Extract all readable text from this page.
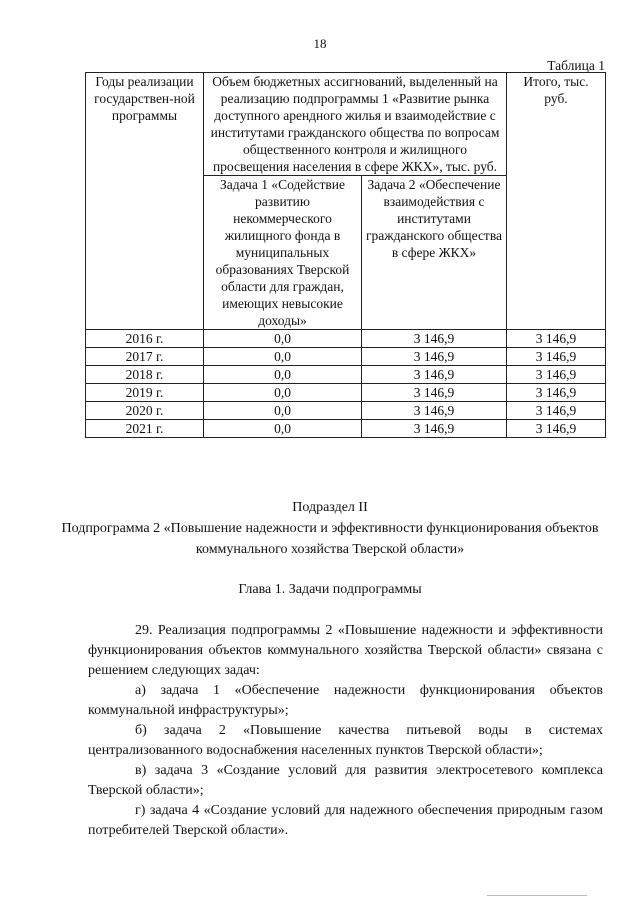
18
Таблица 1
Годы реализации государствен-ной программы	Объем бюджетных ассигнований, выделенный на реализацию подпрограммы 1 «Развитие рынка доступного арендного жилья и взаимодействие с институтами гражданского общества по вопросам общественного контроля и жилищного просвещения населения в сфере ЖКХ», тыс. руб.		Итого, тыс. руб.
	Задача 1 «Содействие развитию некоммерческого жилищного фонда в муниципальных образованиях Тверской области для граждан, имеющих невысокие доходы»	Задача 2 «Обеспечение взаимодействия с институтами гражданского общества в сфере ЖКХ»	
2016 г.	0,0	3 146,9	3 146,9
2017 г.	0,0	3 146,9	3 146,9
2018 г.	0,0	3 146,9	3 146,9
2019 г.	0,0	3 146,9	3 146,9
2020 г.	0,0	3 146,9	3 146,9
2021 г.	0,0	3 146,9	3 146,9
Подраздел II
Подпрограмма 2 «Повышение надежности и эффективности функционирования объектов коммунального хозяйства Тверской области»
Глава 1. Задачи подпрограммы

29. Реализация подпрограммы 2 «Повышение надежности и эффективности функционирования объектов коммунального хозяйства Тверской области» связана с решением следующих задач:

а) задача 1 «Обеспечение надежности функционирования объектов коммунальной инфраструктуры»;

б) задача 2 «Повышение качества питьевой воды в системах централизованного водоснабжения населенных пунктов Тверской области»;

в) задача 3 «Создание условий для развития электросетевого комплекса Тверской области»;

г) задача 4 «Создание условий для надежного обеспечения природным газом потребителей Тверской области».
